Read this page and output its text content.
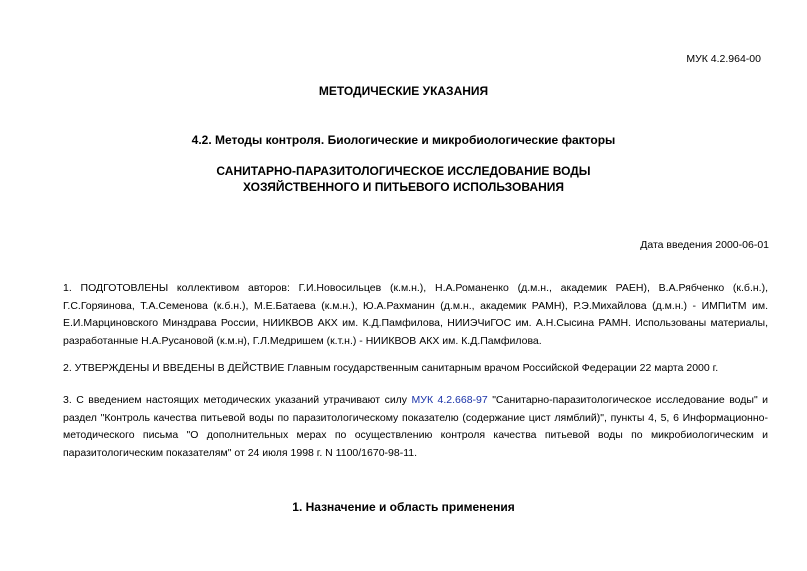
МУК 4.2.964-00
МЕТОДИЧЕСКИЕ УКАЗАНИЯ
4.2. Методы контроля. Биологические и микробиологические факторы
САНИТАРНО-ПАРАЗИТОЛОГИЧЕСКОЕ ИССЛЕДОВАНИЕ ВОДЫ
ХОЗЯЙСТВЕННОГО И ПИТЬЕВОГО ИСПОЛЬЗОВАНИЯ
Дата введения 2000-06-01
1. ПОДГОТОВЛЕНЫ коллективом авторов: Г.И.Новосильцев (к.м.н.), Н.А.Романенко (д.м.н., академик РАЕН), В.А.Рябченко (к.б.н.), Г.С.Горяинова, Т.А.Семенова (к.б.н.), М.Е.Батаева (к.м.н.), Ю.А.Рахманин (д.м.н., академик РАМН), Р.Э.Михайлова (д.м.н.) - ИМПиТМ им. Е.И.Марциновского Минздрава России, НИИКВОВ АКХ им. К.Д.Памфилова, НИИЭЧиГОС им. А.Н.Сысина РАМН. Использованы материалы, разработанные Н.А.Русановой (к.м.н), Г.Л.Медришем (к.т.н.) - НИИКВОВ АКХ им. К.Д.Памфилова.
2. УТВЕРЖДЕНЫ И ВВЕДЕНЫ В ДЕЙСТВИЕ Главным государственным санитарным врачом Российской Федерации 22 марта 2000 г.
3. С введением настоящих методических указаний утрачивают силу МУК 4.2.668-97 "Санитарно-паразитологическое исследование воды" и раздел "Контроль качества питьевой воды по паразитологическому показателю (содержание цист лямблий)", пункты 4, 5, 6 Информационно-методического письма "О дополнительных мерах по осуществлению контроля качества питьевой воды по микробиологическим и паразитологическим показателям" от 24 июля 1998 г. N 1100/1670-98-11.
1. Назначение и область применения
